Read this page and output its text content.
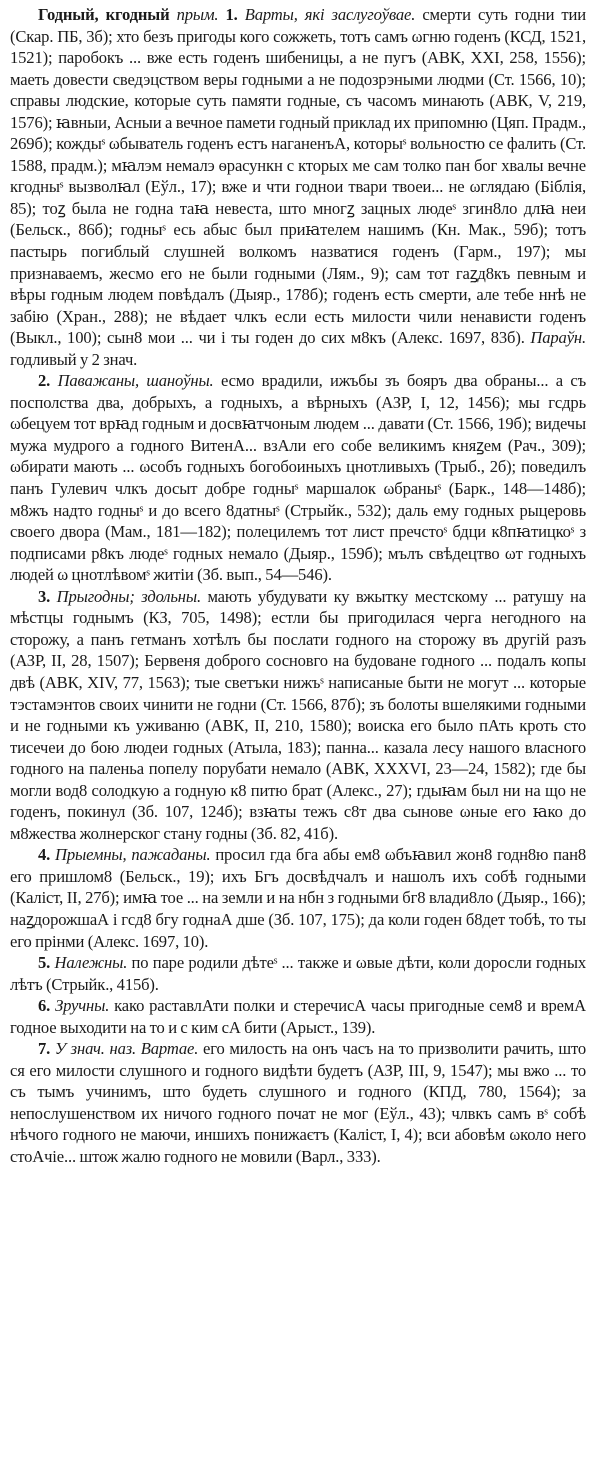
Годный, кгодный прым. 1. Варты, які заслугоўвае. смерти суть годни тии (Скар. ПБ, 3б); хто безъ пригоды кого сожжеть, тотъ самъ ωгню годенъ (КСД, 1521, 1521); паробокъ ... вже есть годенъ шибеницы, а не пугъ (АВК, XXI, 258, 1556); маеть довести сведэцством веры годными а не подозрэными людми (Ст. 1566, 10); справы людские, которые суть памяти годные, съ часомъ минають (АВК, V, 219, 1576); ꙗвныи, Асныи а вечное памети годный приклад их припомню (Цяп. Прадм., 269б); кождыˢ ωбыватель годенъ естъ наганенъА, которыˢ вольностю се фалить (Ст. 1588, прадм.); мꙗлэм немалэ ѳрасункн с кторых ме сам толко пан бог хвалы вечне кгодныˢ вызволꙗл (Еўл., 17); вже и чти годнои твари твоеи... не ωглядаю (Біблія, 85); тоꙁ была не годна таꙗ невеста, што многꙁ зацных людеˢ згин8ло длꙗ неи (Бельск., 86б); годныˢ есь абыс был приꙗтелем нашимъ (Кн. Мак., 59б); тотъ пастырь погиблый слушней волкомъ назватися годенъ (Гарм., 197); мы признаваемъ, жесмо его не были годными (Лям., 9); сам тот гаꙁд8къ певным и вѣры годным людем повѣдалъ (Дыяр., 178б); годенъ есть смерти, але тебе ннѣ не забію (Хран., 288); не вѣдает члкъ если есть милости чили ненависти годенъ (Выкл., 100); сын8 мои ... чи і ты годен до сих м8къ (Алекс. 1697, 83б). Параўн. годливый у 2 знач.

2. Паважаны, шаноўны. есмо врадили, ижъбы зъ бояръ два обраны... а съ посполства два, добрыхъ, а годныхъ, а вѣрныхъ (АЗР, I, 12, 1456); мы гсдрь ωбецуем тот врꙗд годным и досвꙗтчоным людем ... давати (Ст. 1566, 19б); видечы мужа мудрого а годного ВитенА... взАли его собе великимъ княꙁем (Рач., 309); ωбирати мають ... ωсобъ годныхъ богобоиныхъ цнотливыхъ (Трыб., 2б); поведилъ панъ Гулевич члкъ досыт добре годныˢ маршалок ωбраныˢ (Барк., 148—148б); м8жъ надто годныˢ и до всего 8датныˢ (Стрыйк., 532); даль ему годных рыцеровь своего двора (Мам., 181—182); полецилемъ тот лист пречстоˢ бдци к8пꙗтицкоˢ з подписами р8къ людеˢ годных немало (Дыяр., 159б); мълъ свѣдецтво ωт годныхъ людей ω цнотлѣвомˢ житіи (Зб. вып., 54—546).

3. Прыгодны; здольны. мають убудувати ку вжытку местскому ... ратушу на мѣстцы годнымъ (КЗ, 705, 1498); естли бы пригодилася черга негодного на сторожу, а панъ гетманъ хотѣлъ бы послати годного на сторожу въ другій разъ (АЗР, II, 28, 1507); Бервеня доброго сосновго на будоване годного ... подалъ копы двѣ (АВК, XIV, 77, 1563); тые светъки нижъˢ написаные быти не могут ... которые тэстамэнтов своих чинити не годни (Ст. 1566, 87б); зъ болоты вшелякими годными и не годными къ уживаню (АВК, II, 210, 1580); воиска его было пАть кроть сто тисечеи до бою людеи годных (Атыла, 183); панна... казала лесу нашого власного годного на паленьа попелу порубати немало (АВК, XXXVI, 23—24, 1582); где бы могли вод8 солодкую а годную к8 питю брат (Алекс., 27); гдыꙗм был ни на що не годенъ, покинул (Зб. 107, 124б); взꙗты тежъ с8т два сынове ωные его ꙗко до м8жества жолнерског стану годны (Зб. 82, 41б).

4. Прыемны, пажаданы. просил гда бга абы ем8 ωбъꙗвил жон8 годн8ю пан8 его пришлом8 (Бельск., 19); ихъ Бгъ досвѣдчалъ и нашолъ ихъ собѣ годными (Каліст, II, 27б); имꙗ тое ... на земли и на нбн з годными бг8 влади8ло (Дыяр., 166); наꙁдорожшаА і гсд8 бгу годнаА дше (Зб. 107, 175); да коли годен б8дет тобѣ, то ты его прінми (Алекс. 1697, 10).

5. Належны. по паре родили дѣтеˢ ... также и ωвые дѣти, коли доросли годных лѣтъ (Стрыйк., 415б).

6. Зручны. како раставлАти полки и стеречисА часы пригодные сем8 и времА годное выходити на то и с ким сА бити (Арыст., 139).

7. У знач. наз. Вартае. его милость на онъ часъ на то призволити рачить, што ся его милости слушного и годного видѣти будетъ (АЗР, III, 9, 1547); мы вжо ... то съ тымъ учинимъ, што будеть слушного и годного (КПД, 780, 1564); за непослушенством их ничого годного почат не мог (Еўл., 43); члвкъ самъ вˢ собѣ нѣчого годного не маючи, иншихъ понижаєтъ (Каліст, I, 4); вси абовѣм ωколо него стоАчіе... штож жалю годного не мовили (Варл., 333).
